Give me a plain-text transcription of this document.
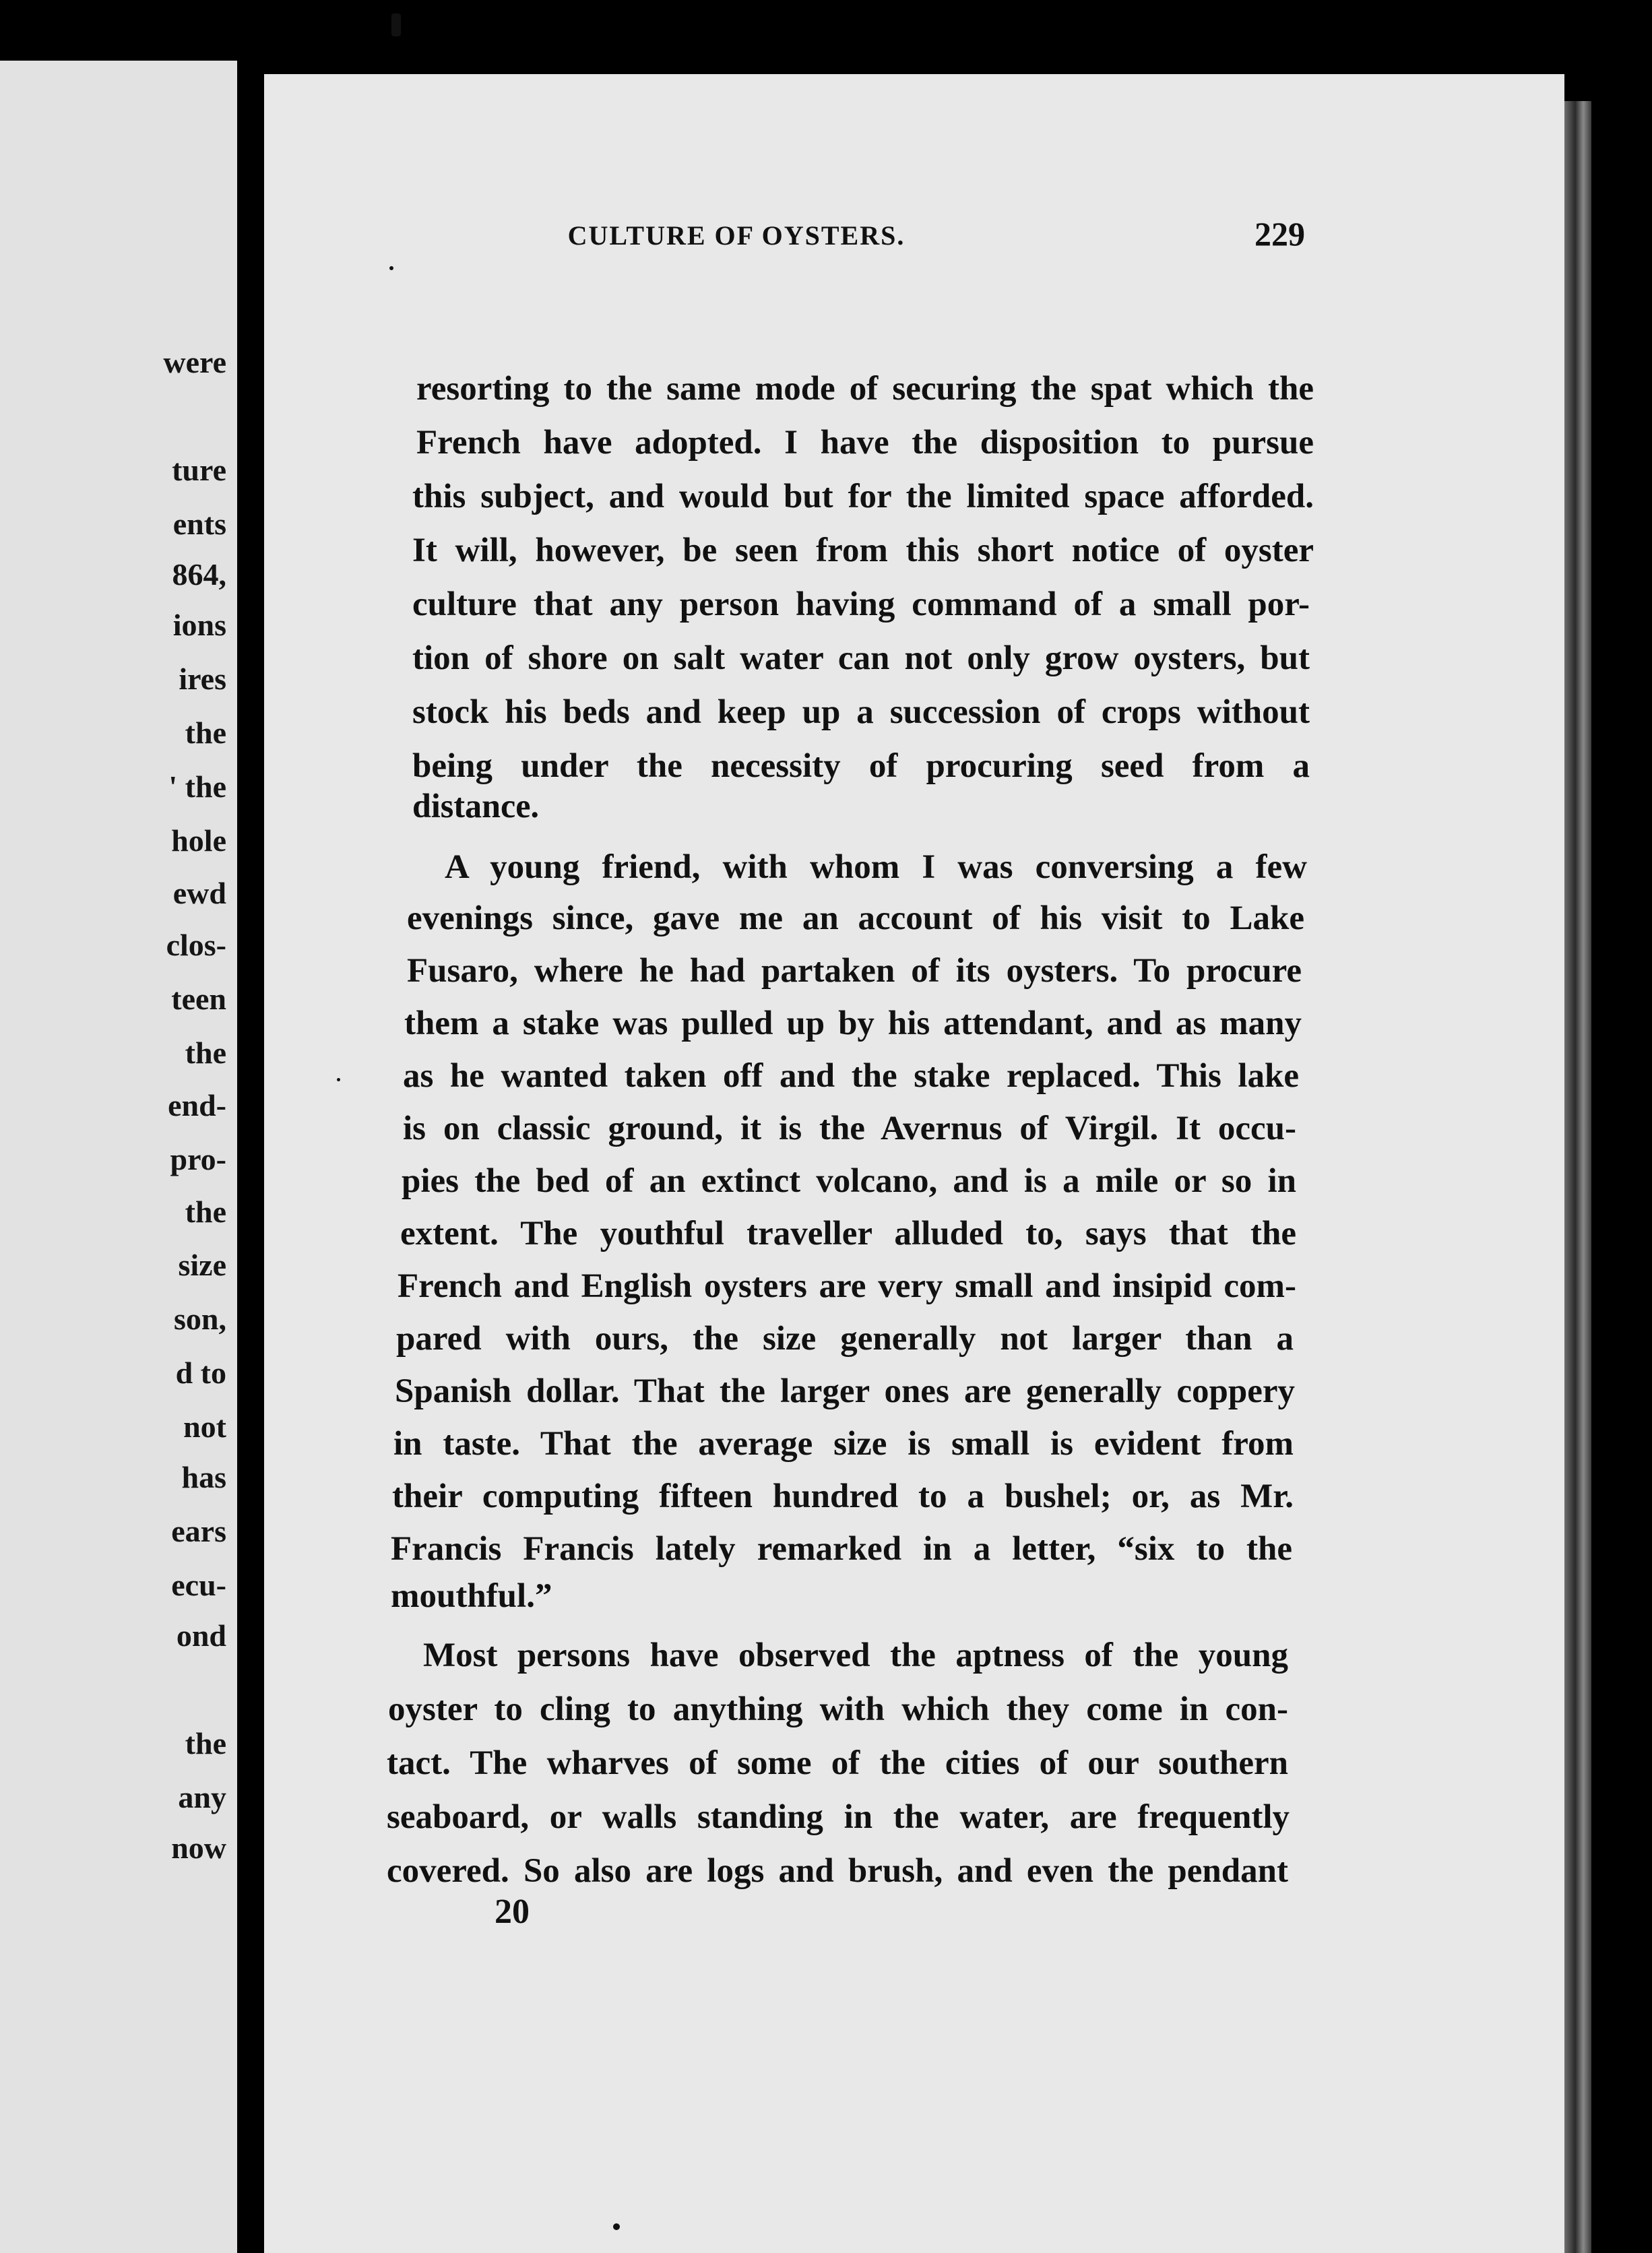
were
ture
ents
864,
ions
ires
the
' the
hole
ewd
clos-
teen
the
end-
pro-
the
size
son,
d to
not
has
ears
ecu-
ond
the
any
now
CULTURE OF OYSTERS.	229
resorting to the same mode of securing the spat which the
French have adopted. I have the disposition to pursue
this subject, and would but for the limited space afforded.
It will, however, be seen from this short notice of oyster
culture that any person having command of a small por-
tion of shore on salt water can not only grow oysters, but
stock his beds and keep up a succession of crops without
being under the necessity of procuring seed from a
distance.
A young friend, with whom I was conversing a few
evenings since, gave me an account of his visit to Lake
Fusaro, where he had partaken of its oysters. To procure
them a stake was pulled up by his attendant, and as many
as he wanted taken off and the stake replaced. This lake
is on classic ground, it is the Avernus of Virgil. It occu-
pies the bed of an extinct volcano, and is a mile or so in
extent. The youthful traveller alluded to, says that the
French and English oysters are very small and insipid com-
pared with ours, the size generally not larger than a
Spanish dollar. That the larger ones are generally coppery
in taste. That the average size is small is evident from
their computing fifteen hundred to a bushel; or, as Mr.
Francis Francis lately remarked in a letter, “six to the
mouthful.”
Most persons have observed the aptness of the young
oyster to cling to anything with which they come in con-
tact. The wharves of some of the cities of our southern
seaboard, or walls standing in the water, are frequently
covered. So also are logs and brush, and even the pendant
20
